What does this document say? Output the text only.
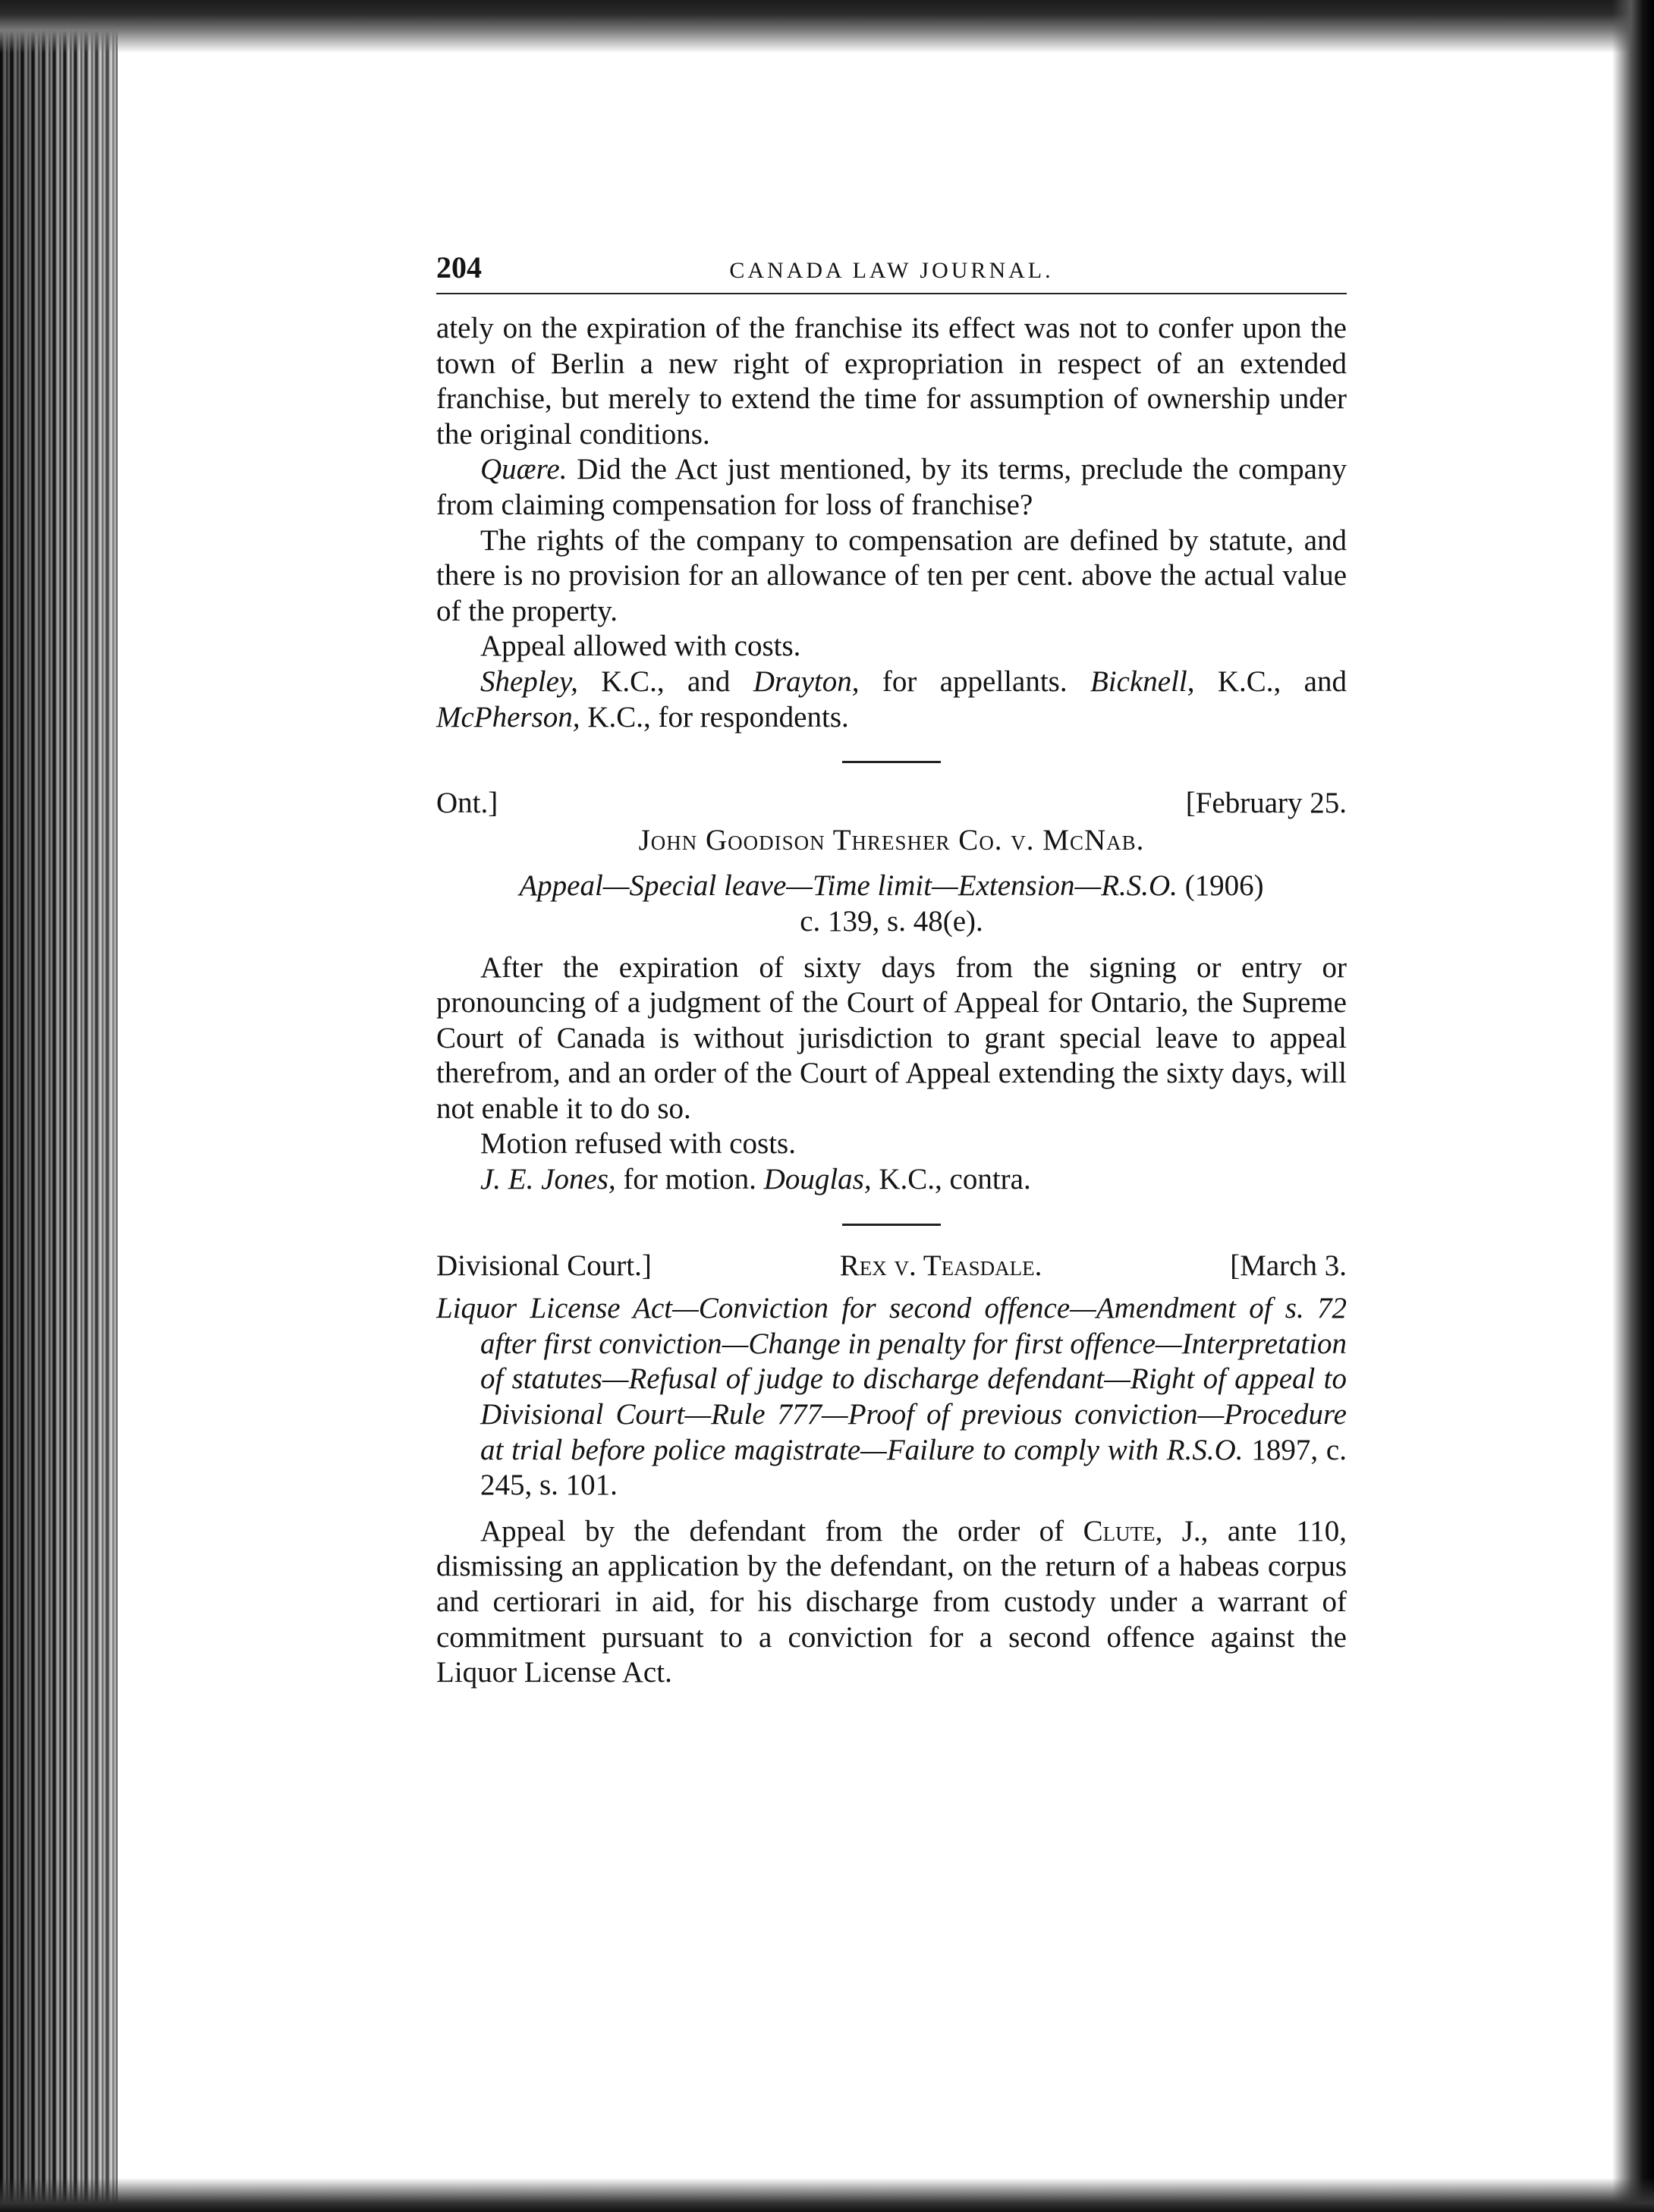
204	CANADA LAW JOURNAL.

ately on the expiration of the franchise its effect was not to confer upon the town of Berlin a new right of expropriation in respect of an extended franchise, but merely to extend the time for assumption of ownership under the original conditions.

Quære. Did the Act just mentioned, by its terms, preclude the company from claiming compensation for loss of franchise?

The rights of the company to compensation are defined by statute, and there is no provision for an allowance of ten per cent. above the actual value of the property.

Appeal allowed with costs.

Shepley, K.C., and Drayton, for appellants. Bicknell, K.C., and McPherson, K.C., for respondents.

Ont.]	[February 25.
John Goodison Thresher Co. v. McNab.
Appeal—Special leave—Time limit—Extension—R.S.O. (1906)
c. 139, s. 48(e).

After the expiration of sixty days from the signing or entry or pronouncing of a judgment of the Court of Appeal for Ontario, the Supreme Court of Canada is without jurisdiction to grant special leave to appeal therefrom, and an order of the Court of Appeal extending the sixty days, will not enable it to do so.

Motion refused with costs.

J. E. Jones, for motion. Douglas, K.C., contra.

Divisional Court.]	Rex v. Teasdale.	[March 3.
Liquor License Act—Conviction for second offence—Amendment of s. 72 after first conviction—Change in penalty for first offence—Interpretation of statutes—Refusal of judge to discharge defendant—Right of appeal to Divisional Court—Rule 777—Proof of previous conviction—Procedure at trial before police magistrate—Failure to comply with R.S.O. 1897, c. 245, s. 101.

Appeal by the defendant from the order of Clute, J., ante 110, dismissing an application by the defendant, on the return of a habeas corpus and certiorari in aid, for his discharge from custody under a warrant of commitment pursuant to a conviction for a second offence against the Liquor License Act.
